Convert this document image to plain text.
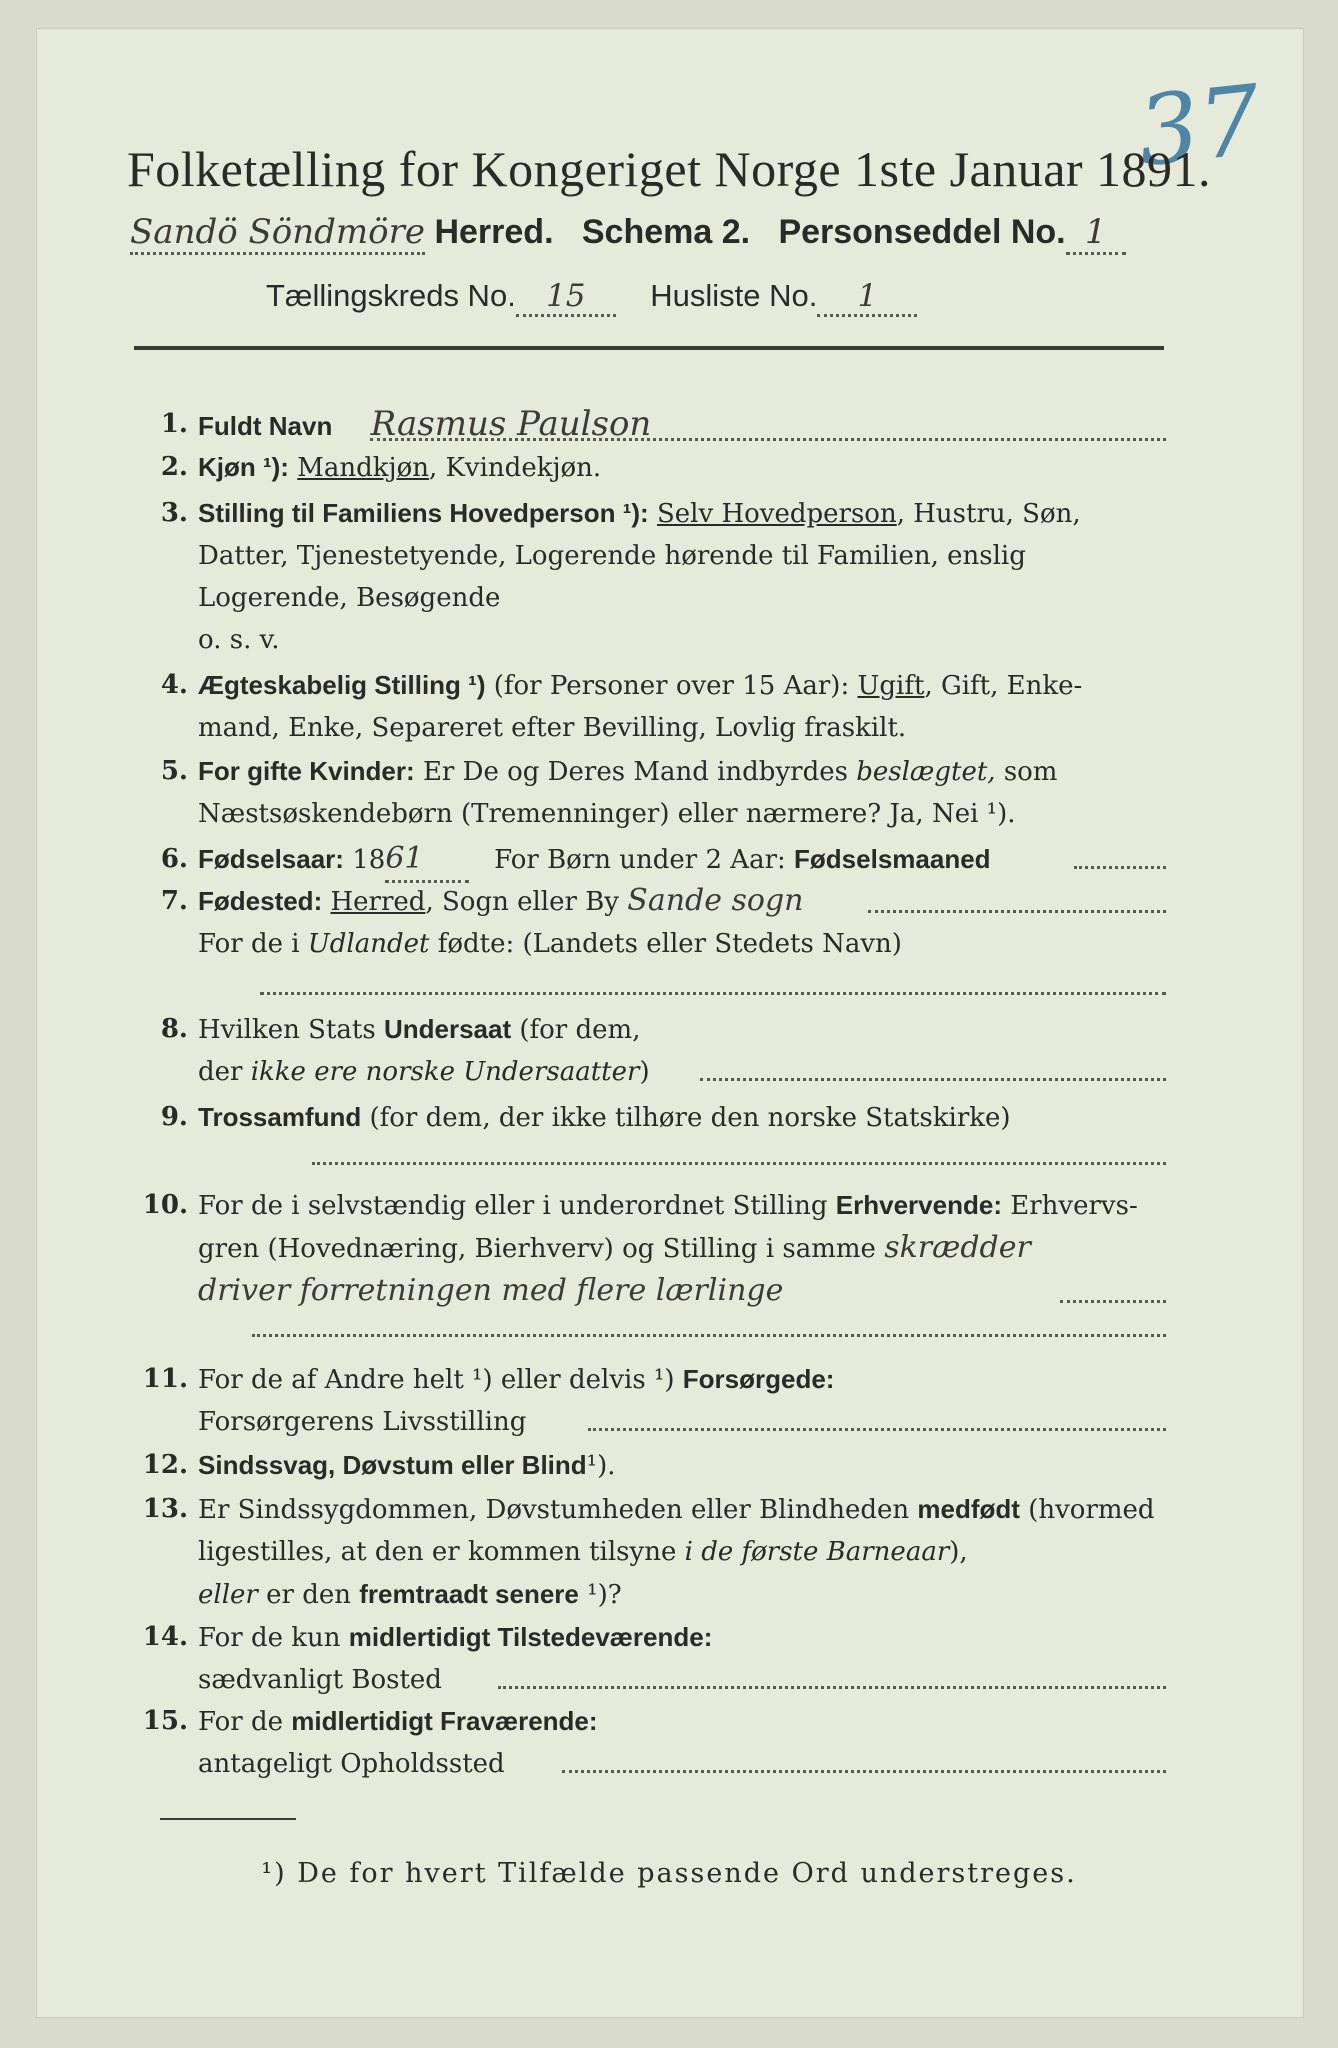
37
Folketælling for Kongeriget Norge 1ste Januar 1891.
Sandö Söndmöre Herred. Schema 2. Personseddel No. 1
Tællingskreds No. 15 Husliste No. 1
1. Fuldt Navn Rasmus Paulson
2. Kjøn ¹): Mandkjøn, Kvindekjøn.
3. Stilling til Familiens Hovedperson ¹): Selv Hovedperson, Hustru, Søn,
Datter, Tjenestetyende, Logerende hørende til Familien, enslig
Logerende, Besøgende
o. s. v.
4. Ægteskabelig Stilling ¹) (for Personer over 15 Aar): Ugift, Gift, Enke-
mand, Enke, Separeret efter Bevilling, Lovlig fraskilt.
5. For gifte Kvinder: Er De og Deres Mand indbyrdes beslægtet, som
Næstsøskendebørn (Tremenninger) eller nærmere? Ja, Nei ¹).
6. Fødselsaar: 1861	For Børn under 2 Aar: Fødselsmaaned
7. Fødested: Herred, Sogn eller By Sande sogn
For de i Udlandet fødte: (Landets eller Stedets Navn)
8. Hvilken Stats Undersaat (for dem,
der ikke ere norske Undersaatter)
9. Trossamfund (for dem, der ikke tilhøre den norske Statskirke)
10. For de i selvstændig eller i underordnet Stilling Erhvervende: Erhvervs-
gren (Hovednæring, Bierhverv) og Stilling i samme skrædder
driver forretningen med flere lærlinge
11. For de af Andre helt ¹) eller delvis ¹) Forsørgede:
Forsørgerens Livsstilling
12. Sindssvag, Døvstum eller Blind¹).
13. Er Sindssygdommen, Døvstumheden eller Blindheden medfødt (hvormed
ligestilles, at den er kommen tilsyne i de første Barneaar),
eller er den fremtraadt senere ¹)?
14. For de kun midlertidigt Tilstedeværende:
sædvanligt Bosted
15. For de midlertidigt Fraværende:
antageligt Opholdssted
¹) De for hvert Tilfælde passende Ord understreges.
